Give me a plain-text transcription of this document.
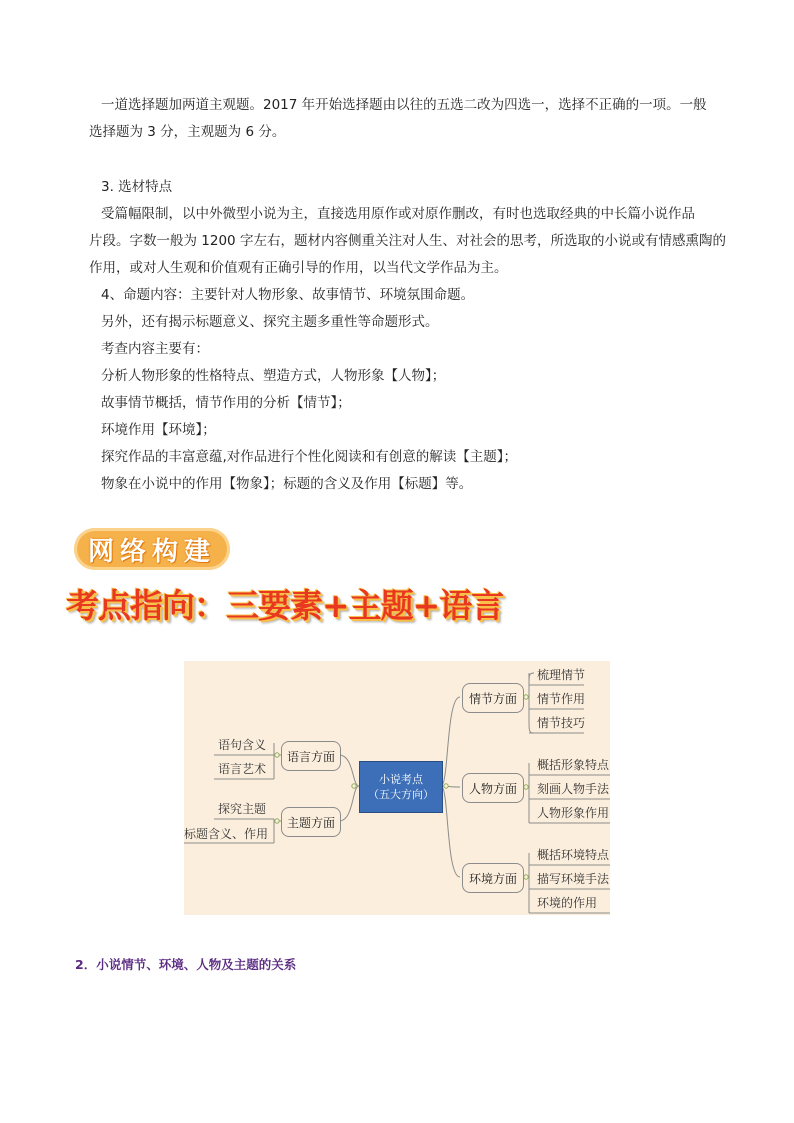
一道选择题加两道主观题。2017 年开始选择题由以往的五选二改为四选一，选择不正确的一项。一般
选择题为 3 分，主观题为 6 分。
3. 选材特点
受篇幅限制，以中外微型小说为主，直接选用原作或对原作删改，有时也选取经典的中长篇小说作品
片段。字数一般为 1200 字左右，题材内容侧重关注对人生、对社会的思考，所选取的小说或有情感熏陶的
作用，或对人生观和价值观有正确引导的作用，以当代文学作品为主。
4、命题内容：主要针对人物形象、故事情节、环境氛围命题。
另外，还有揭示标题意义、探究主题多重性等命题形式。
考查内容主要有：
分析人物形象的性格特点、塑造方式，人物形象【人物】；
故事情节概括，情节作用的分析【情节】；
环境作用【环境】；
探究作品的丰富意蕴,对作品进行个性化阅读和有创意的解读【主题】；
物象在小说中的作用【物象】；标题的含义及作用【标题】等。
网络构建
考点指向：三要素+主题+语言
小说考点
（五大方向）
语言方面
主题方面
语句含义
语言艺术
探究主题
标题含义、作用
情节方面
人物方面
环境方面
梳理情节
情节作用
情节技巧
概括形象特点
刻画人物手法
人物形象作用
概括环境特点
描写环境手法
环境的作用
2．小说情节、环境、人物及主题的关系
